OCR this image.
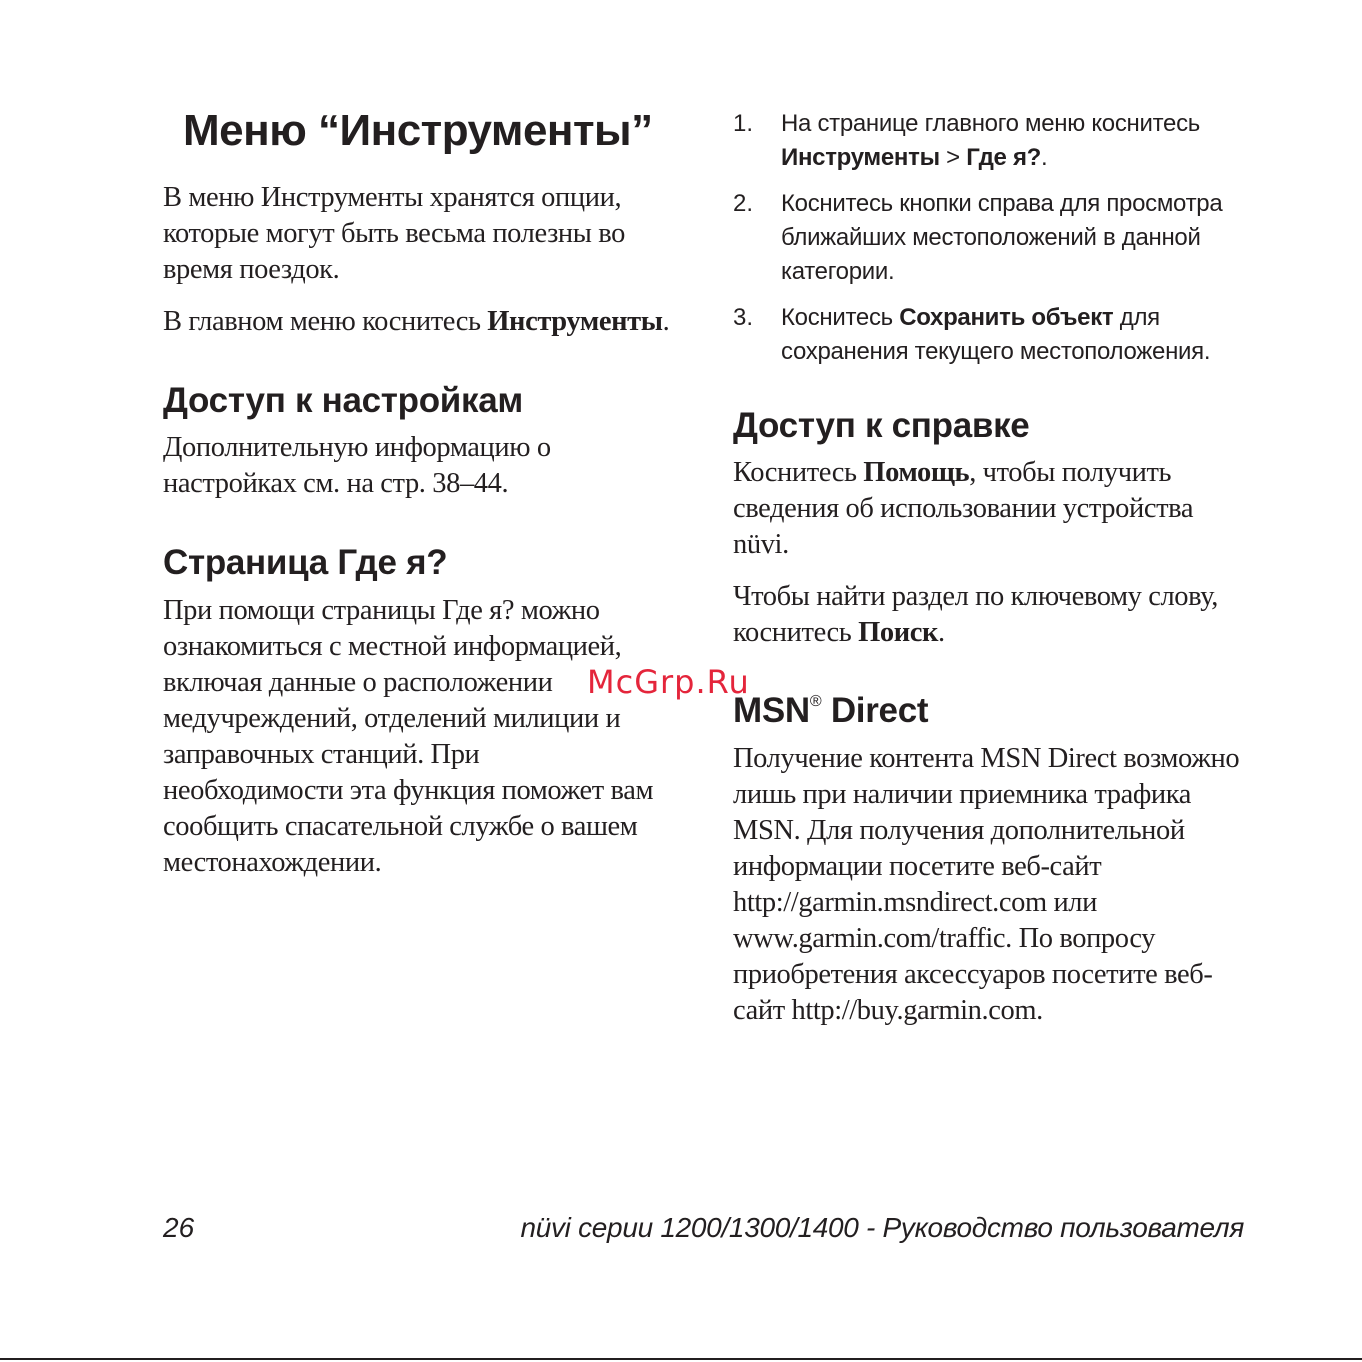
Меню “Инструменты”

В меню Инструменты хранятся опции, которые могут быть весьма полезны во время поездок.

В главном меню коснитесь Инструменты.

Доступ к настройкам

Дополнительную информацию о настройках см. на стр. 38–44.

Страница Где я?

При помощи страницы Где я? можно ознакомиться с местной информацией, включая данные о расположении медучреждений, отделений милиции и заправочных станций. При необходимости эта функция поможет вам сообщить спасательной службе о вашем местонахождении.

1.	На странице главного меню коснитесь Инструменты > Где я?.

2.	Коснитесь кнопки справа для просмотра ближайших местоположений в данной категории.

3.	Коснитесь Сохранить объект для сохранения текущего местоположения.

Доступ к справке

Коснитесь Помощь, чтобы получить сведения об использовании устройства nüvi.

Чтобы найти раздел по ключевому слову, коснитесь Поиск.

MSN® Direct

Получение контента MSN Direct возможно лишь при наличии приемника трафика MSN. Для получения дополнительной информации посетите веб-сайт http://garmin.msndirect.com или www.garmin.com/traffic. По вопросу приобретения аксессуаров посетите веб-сайт http://buy.garmin.com.

McGrp.Ru
26	nüvi серии 1200/1300/1400 - Руководство пользователя
